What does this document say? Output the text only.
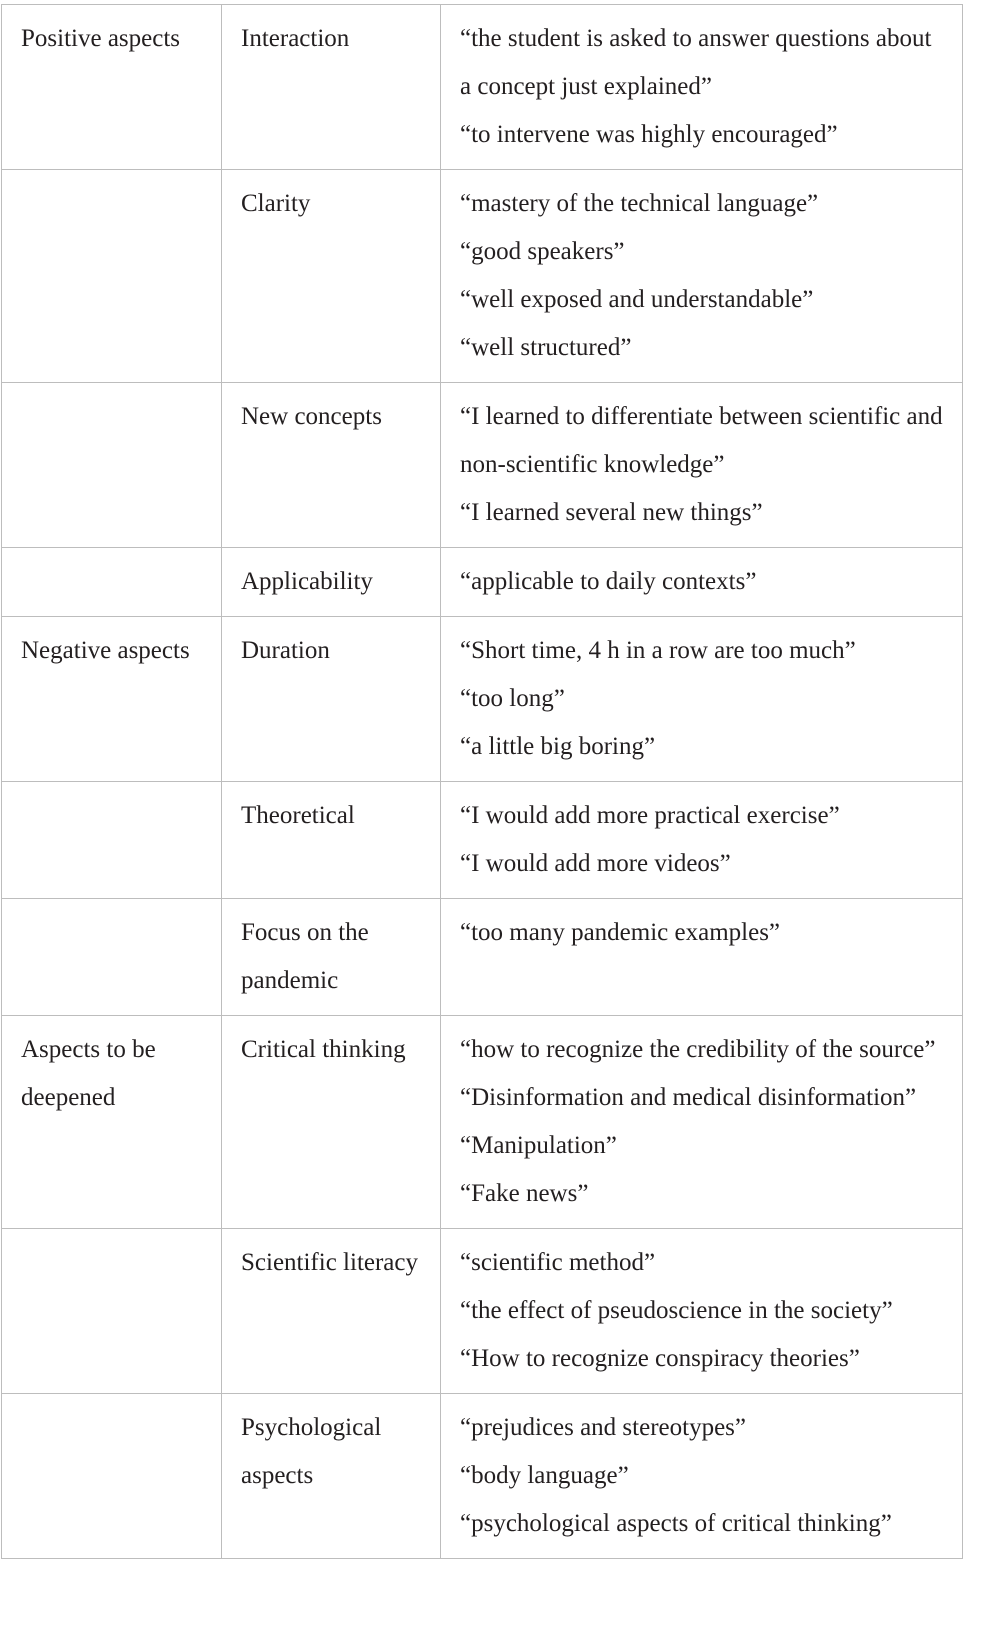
Positive aspects	Interaction	“the student is asked to answer questions about a concept just explained”
“to intervene was highly encouraged”

	Clarity	“mastery of the technical language”
“good speakers”
“well exposed and understandable”
“well structured”

	New concepts	“I learned to differentiate between scientific and non-scientific knowledge”
“I learned several new things”

	Applicability	“applicable to daily contexts”

Negative aspects	Duration	“Short time, 4 h in a row are too much”
“too long”
“a little big boring”

	Theoretical	“I would add more practical exercise”
“I would add more videos”

	Focus on the pandemic	“too many pandemic examples”

Aspects to be deepened	Critical thinking	“how to recognize the credibility of the source”
“Disinformation and medical disinformation”
“Manipulation”
“Fake news”

	Scientific literacy	“scientific method”
“the effect of pseudoscience in the society”
“How to recognize conspiracy theories”

	Psychological aspects	“prejudices and stereotypes”
“body language”
“psychological aspects of critical thinking”
